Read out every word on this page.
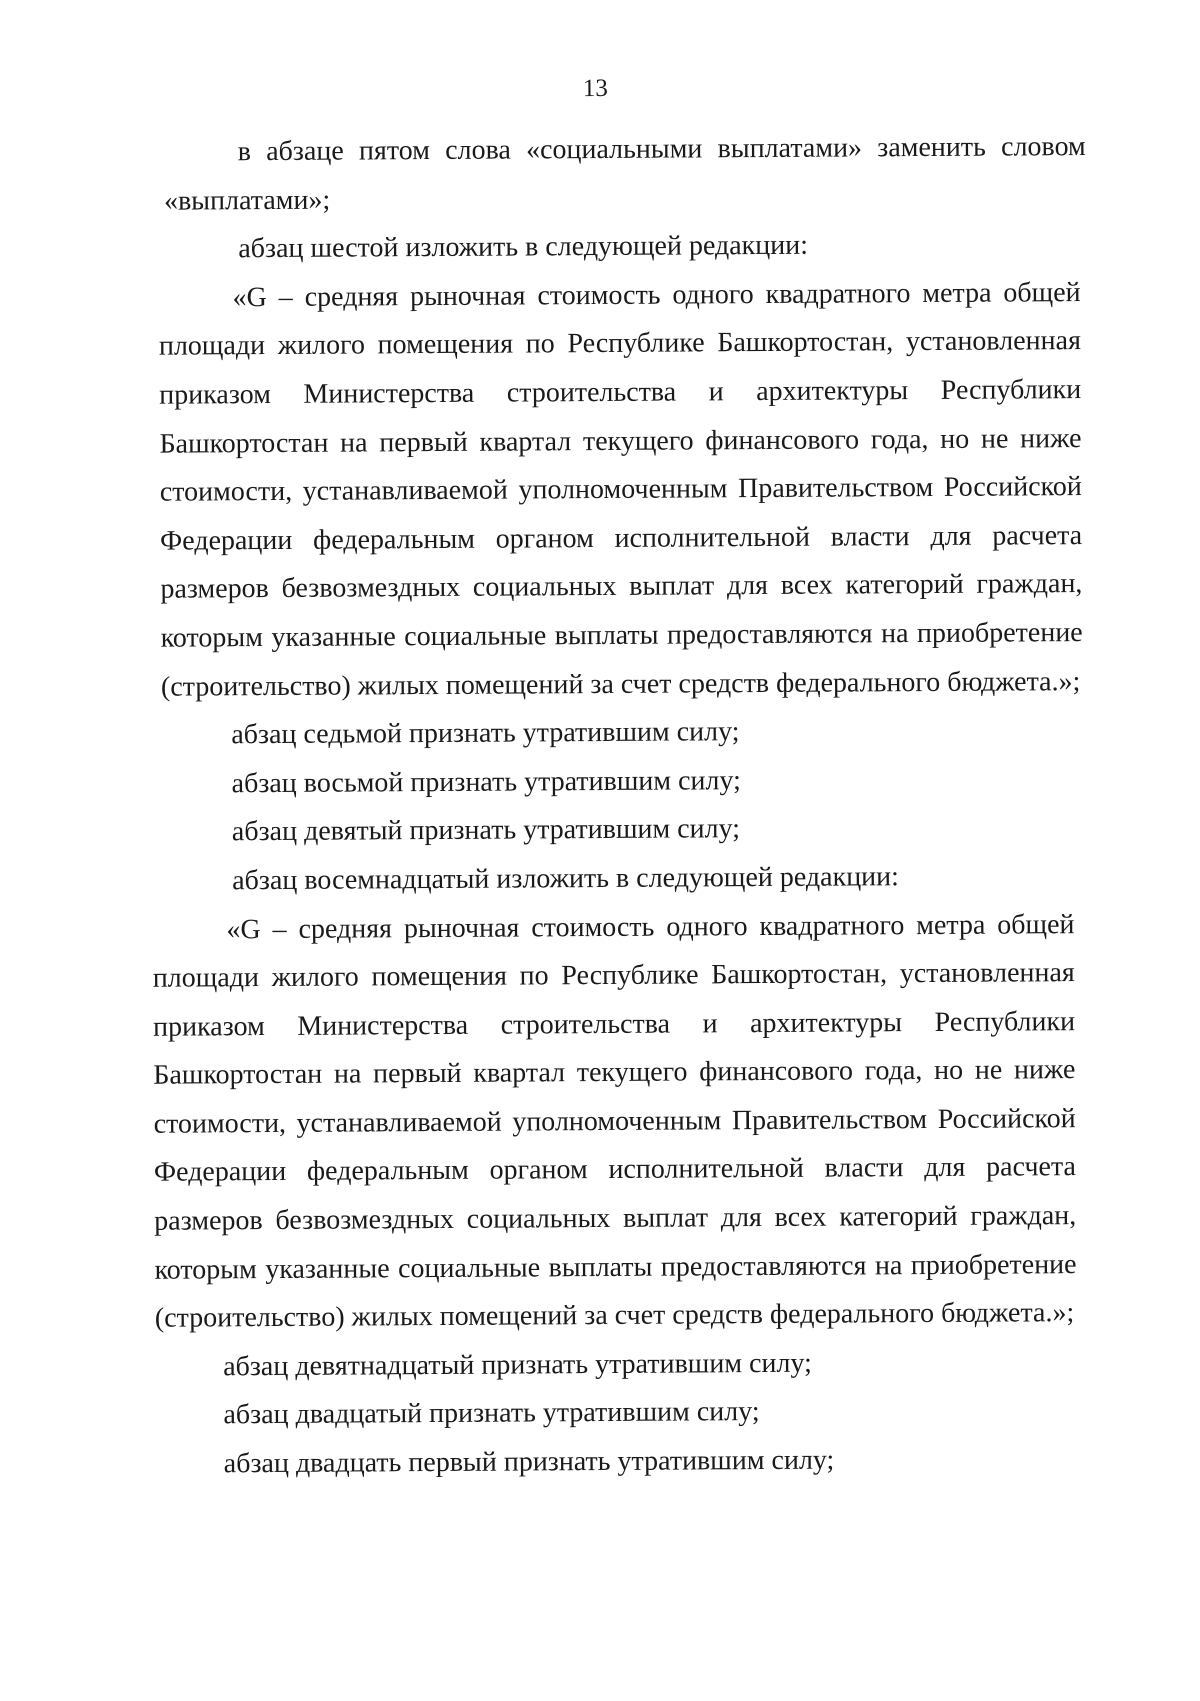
13

в абзаце пятом слова «социальными выплатами» заменить словом «выплатами»;

абзац шестой изложить в следующей редакции:

«G – средняя рыночная стоимость одного квадратного метра общей площади жилого помещения по Республике Башкортостан, установленная приказом Министерства строительства и архитектуры Республики Башкортостан на первый квартал текущего финансового года, но не ниже стоимости, устанавливаемой уполномоченным Правительством Российской Федерации федеральным органом исполнительной власти для расчета размеров безвозмездных социальных выплат для всех категорий граждан, которым указанные социальные выплаты предоставляются на приобретение (строительство) жилых помещений за счет средств федерального бюджета.»;

абзац седьмой признать утратившим силу;

абзац восьмой признать утратившим силу;

абзац девятый признать утратившим силу;

абзац восемнадцатый изложить в следующей редакции:

«G – средняя рыночная стоимость одного квадратного метра общей площади жилого помещения по Республике Башкортостан, установленная приказом Министерства строительства и архитектуры Республики Башкортостан на первый квартал текущего финансового года, но не ниже стоимости, устанавливаемой уполномоченным Правительством Российской Федерации федеральным органом исполнительной власти для расчета размеров безвозмездных социальных выплат для всех категорий граждан, которым указанные социальные выплаты предоставляются на приобретение (строительство) жилых помещений за счет средств федерального бюджета.»;

абзац девятнадцатый признать утратившим силу;

абзац двадцатый признать утратившим силу;

абзац двадцать первый признать утратившим силу;
